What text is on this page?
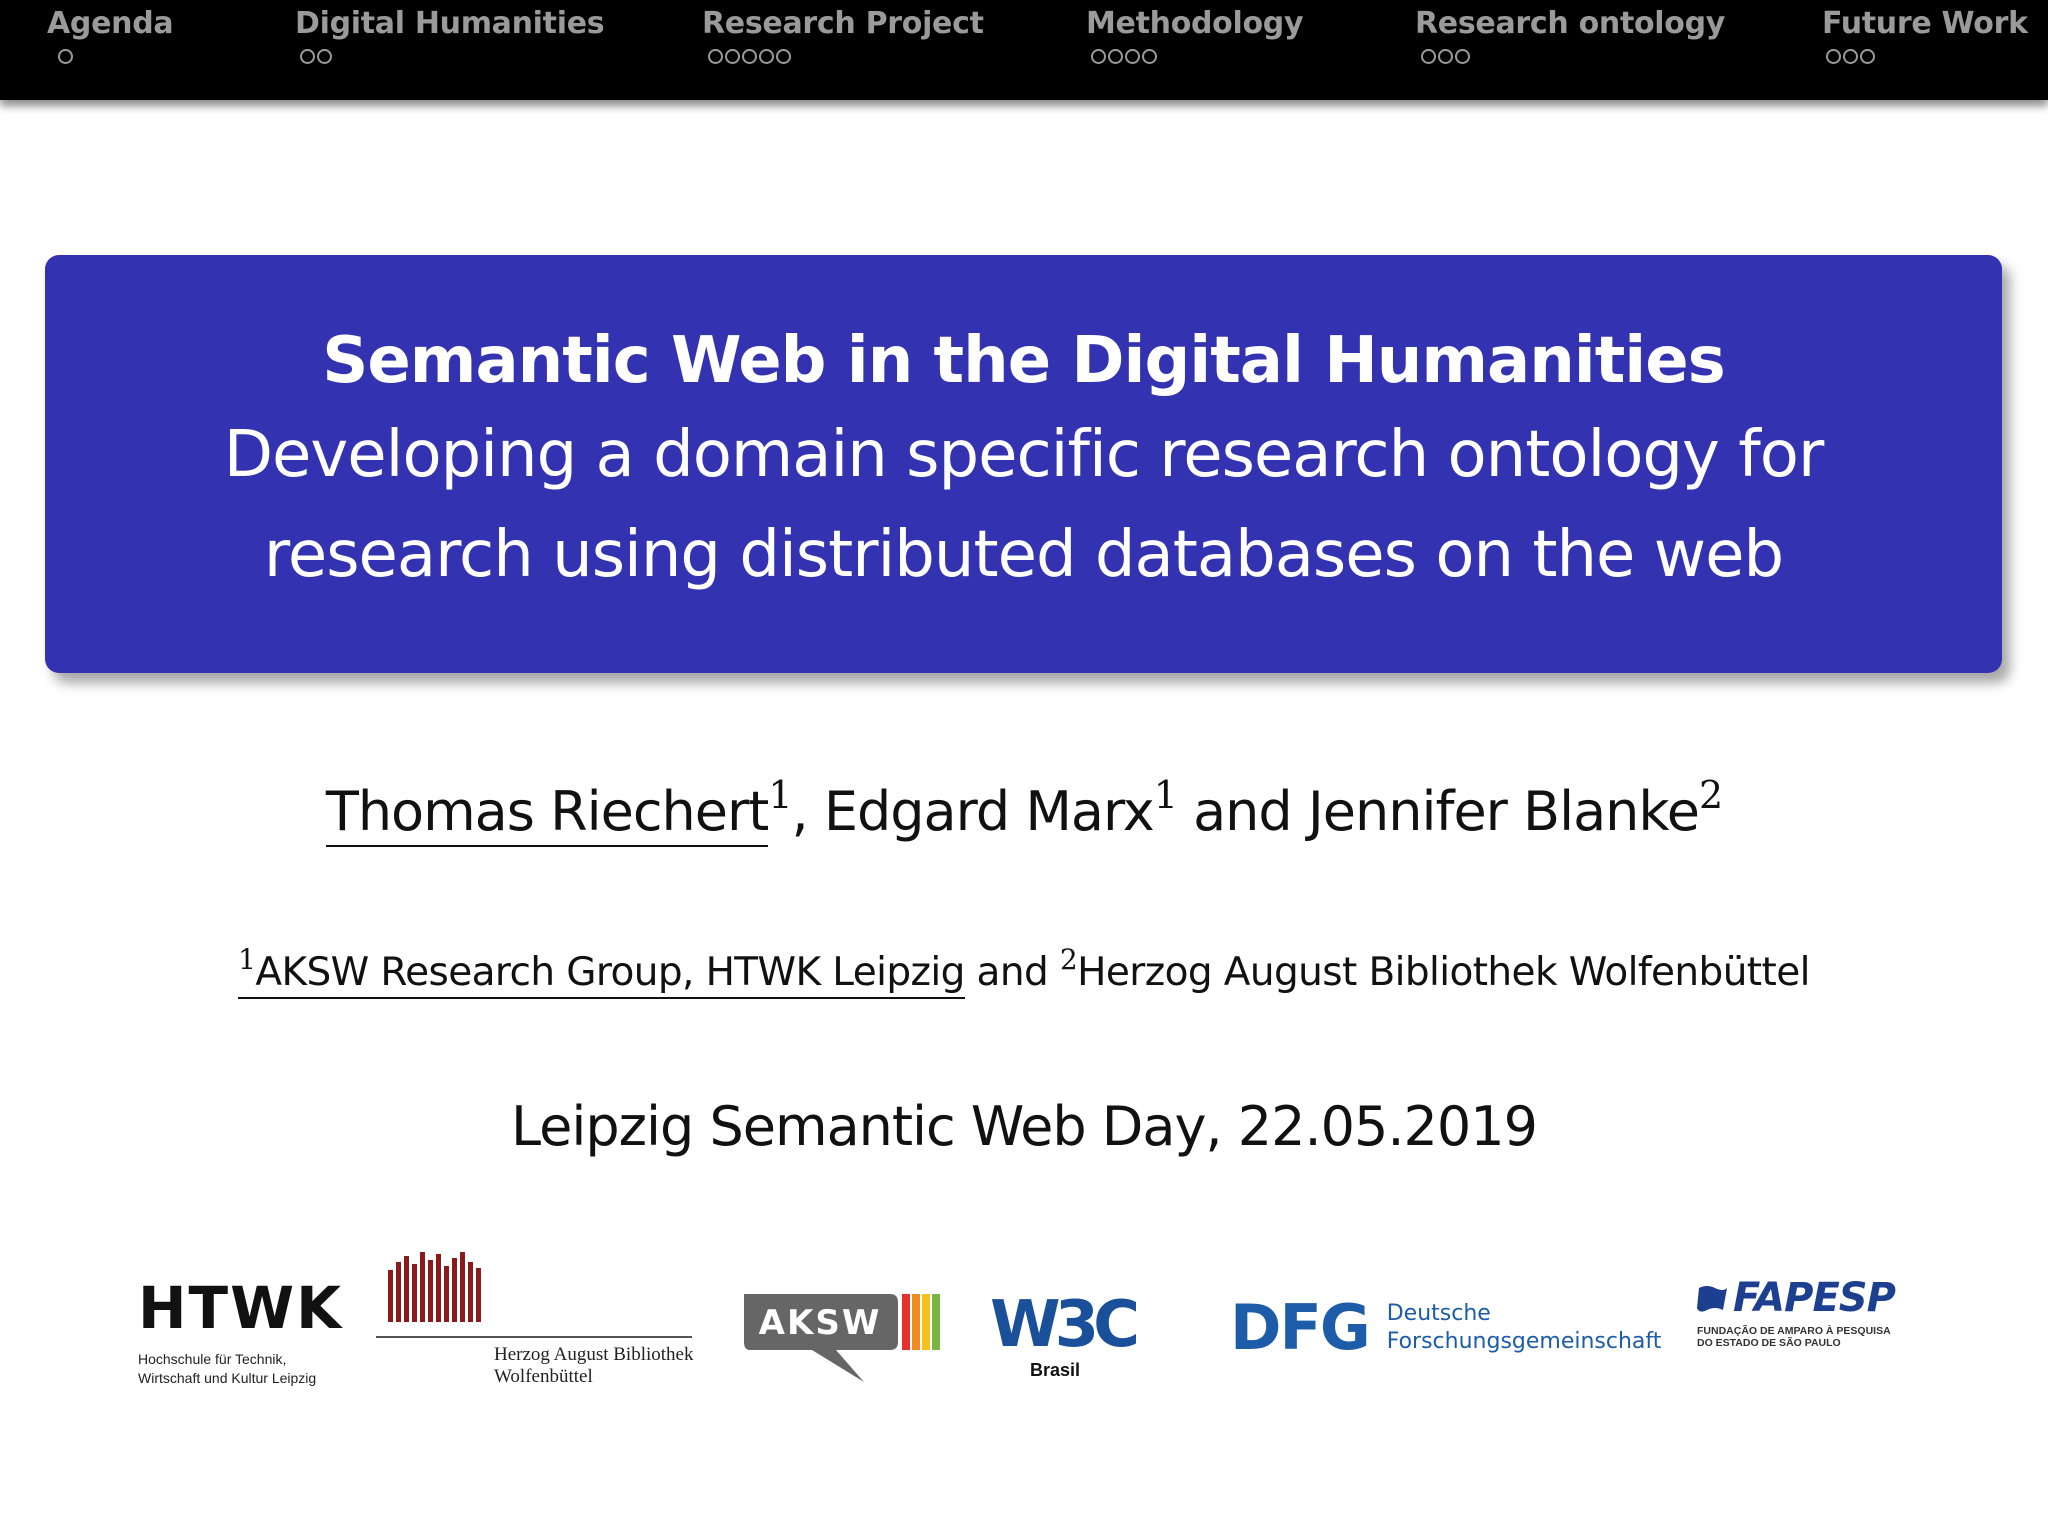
Agenda	Digital Humanities	Research Project	Methodology	Research ontology	Future Work
Semantic Web in the Digital Humanities
Developing a domain specific research ontology for
research using distributed databases on the web
Thomas Riechert$^1$, Edgard Marx$^1$ and Jennifer Blanke$^2$
$^1$AKSW Research Group, HTWK Leipzig and $^2$Herzog August Bibliothek Wolfenbüttel
Leipzig Semantic Web Day, 22.05.2019
HTWK
Hochschule für Technik,
Wirtschaft und Kultur Leipzig
Herzog August Bibliothek
Wolfenbüttel
AKSW W3C
Brasil
DFG Deutsche
Forschungsgemeinschaft
FAPESP
FUNDAÇÃO DE AMPARO À PESQUISA
DO ESTADO DE SÃO PAULO
